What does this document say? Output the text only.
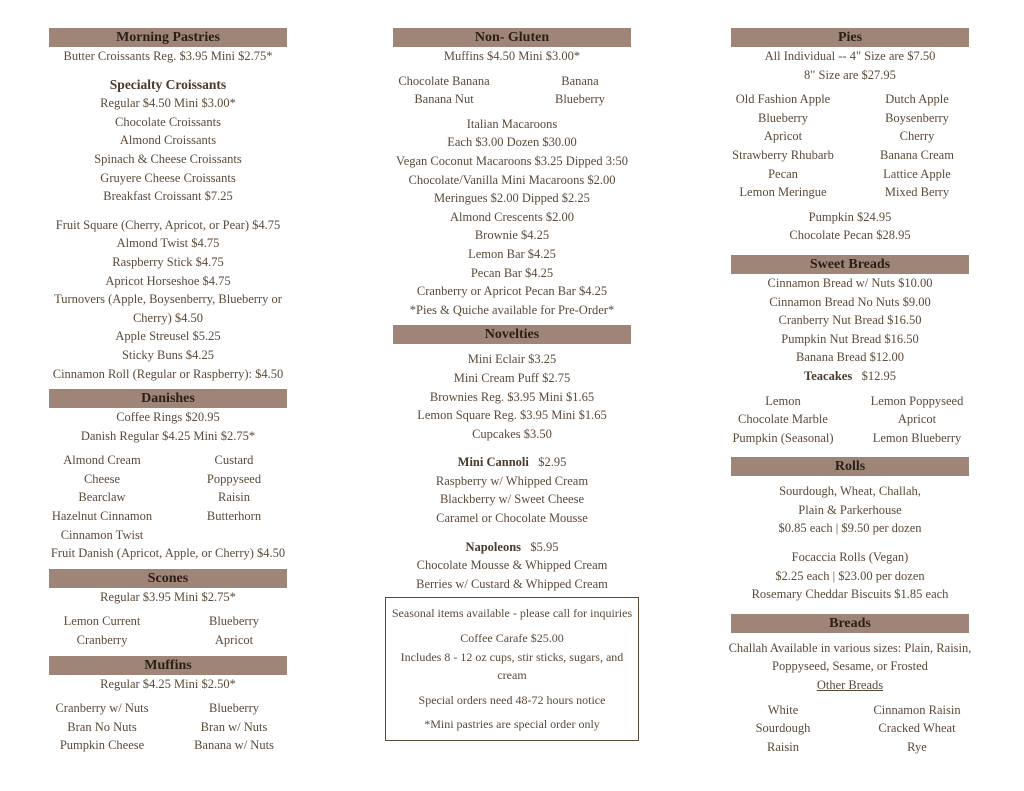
Morning Pastries
Butter Croissants Reg. $3.95 Mini $2.75*
Specialty Croissants
Regular $4.50 Mini $3.00*
Chocolate Croissants
Almond Croissants
Spinach & Cheese Croissants
Gruyere Cheese Croissants
Breakfast Croissant $7.25
Fruit Square (Cherry, Apricot, or Pear) $4.75
Almond Twist $4.75
Raspberry Stick $4.75
Apricot Horseshoe $4.75
Turnovers (Apple, Boysenberry, Blueberry or Cherry) $4.50
Apple Streusel $5.25
Sticky Buns $4.25
Cinnamon Roll (Regular or Raspberry): $4.50
Danishes
Coffee Rings $20.95
Danish Regular $4.25 Mini $2.75*
Almond Cream	Custard
Cheese	Poppyseed
Bearclaw	Raisin
Hazelnut Cinnamon	Butterhorn
Cinnamon Twist
Fruit Danish (Apricot, Apple, or Cherry) $4.50
Scones
Regular $3.95 Mini $2.75*
Lemon Current	Blueberry
Cranberry	Apricot
Muffins
Regular $4.25 Mini $2.50*
Cranberry w/ Nuts	Blueberry
Bran No Nuts	Bran w/ Nuts
Pumpkin Cheese	Banana w/ Nuts
Non- Gluten
Muffins $4.50 Mini $3.00*
Chocolate Banana	Banana
Banana Nut	Blueberry
Italian Macaroons
Each $3.00 Dozen $30.00
Vegan Coconut Macaroons $3.25 Dipped 3:50
Chocolate/Vanilla Mini Macaroons $2.00
Meringues $2.00 Dipped $2.25
Almond Crescents $2.00
Brownie $4.25
Lemon Bar $4.25
Pecan Bar $4.25
Cranberry or Apricot Pecan Bar $4.25
*Pies & Quiche available for Pre-Order*
Novelties
Mini Eclair $3.25
Mini Cream Puff $2.75
Brownies Reg. $3.95 Mini $1.65
Lemon Square Reg. $3.95 Mini $1.65
Cupcakes $3.50
Mini Cannoli $2.95
Raspberry w/ Whipped Cream
Blackberry w/ Sweet Cheese
Caramel or Chocolate Mousse
Napoleons $5.95
Chocolate Mousse & Whipped Cream
Berries w/ Custard & Whipped Cream
Seasonal items available - please call for inquiries
Coffee Carafe $25.00
Includes 8 - 12 oz cups, stir sticks, sugars, and cream
Special orders need 48-72 hours notice
*Mini pastries are special order only
Pies
All Individual -- 4" Size are $7.50
8" Size are $27.95
Old Fashion Apple	Dutch Apple
Blueberry	Boysenberry
Apricot	Cherry
Strawberry Rhubarb	Banana Cream
Pecan	Lattice Apple
Lemon Meringue	Mixed Berry
Pumpkin $24.95
Chocolate Pecan $28.95
Sweet Breads
Cinnamon Bread w/ Nuts $10.00
Cinnamon Bread No Nuts $9.00
Cranberry Nut Bread $16.50
Pumpkin Nut Bread $16.50
Banana Bread $12.00
Teacakes $12.95
Lemon	Lemon Poppyseed
Chocolate Marble	Apricot
Pumpkin (Seasonal)	Lemon Blueberry
Rolls
Sourdough, Wheat, Challah,
Plain & Parkerhouse
$0.85 each | $9.50 per dozen
Focaccia Rolls (Vegan)
$2.25 each | $23.00 per dozen
Rosemary Cheddar Biscuits $1.85 each
Breads
Challah Available in various sizes: Plain, Raisin,
Poppyseed, Sesame, or Frosted
Other Breads
White	Cinnamon Raisin
Sourdough	Cracked Wheat
Raisin	Rye
